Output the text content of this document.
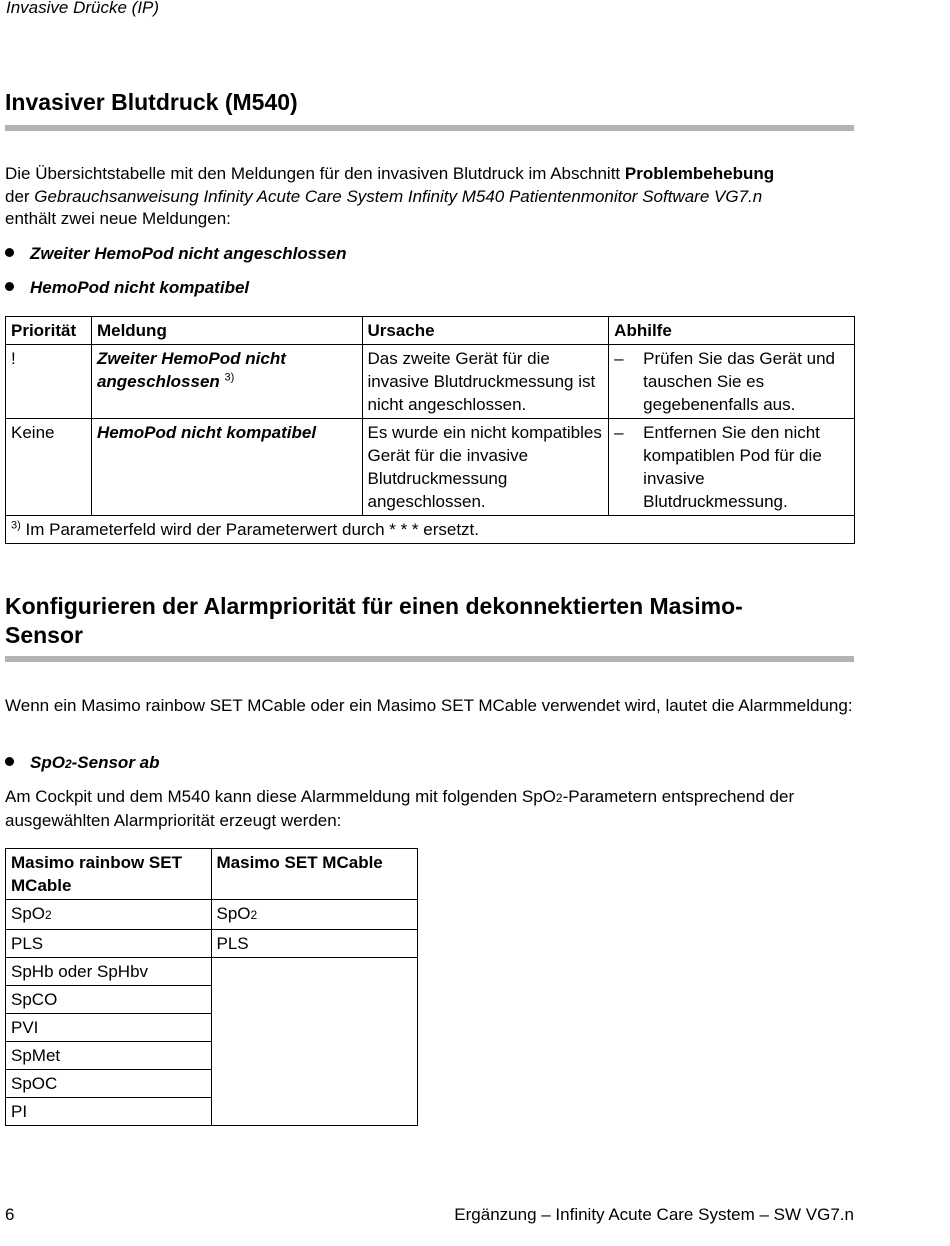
Invasive Drücke (IP)
Invasiver Blutdruck (M540)
Die Übersichtstabelle mit den Meldungen für den invasiven Blutdruck im Abschnitt Problembehebung
der Gebrauchsanweisung Infinity Acute Care System Infinity M540 Patientenmonitor Software VG7.n
enthält zwei neue Meldungen:
Zweiter HemoPod nicht angeschlossen
HemoPod nicht kompatibel
Priorität	Meldung	Ursache	Abhilfe
!	Zweiter HemoPod nicht angeschlossen $^{3)}$	Das zweite Gerät für die invasive Blutdruckmessung ist nicht angeschlossen.	– Prüfen Sie das Gerät und tauschen Sie es gegebenenfalls aus.

Keine	HemoPod nicht kompatibel	Es wurde ein nicht kompatibles Gerät für die invasive Blutdruckmessung angeschlossen.	– Entfernen Sie den nicht kompatiblen Pod für die invasive Blutdruckmessung.

$^{3)}$ Im Parameterfeld wird der Parameterwert durch * * * ersetzt.			
Konfigurieren der Alarmpriorität für einen dekonnektierten Masimo-
Sensor
Wenn ein Masimo rainbow SET MCable oder ein Masimo SET MCable verwendet wird, lautet die Alarmmeldung:
SpO2-Sensor ab
Am Cockpit und dem M540 kann diese Alarmmeldung mit folgenden SpO2-Parametern entsprechend der ausgewählten Alarmpriorität erzeugt werden:
Masimo rainbow SET MCable	Masimo SET MCable
SpO2	SpO2
PLS	PLS
SpHb oder SpHbv	
SpCO	
PVI	
SpMet	
SpOC	
PI	
6	Ergänzung – Infinity Acute Care System – SW VG7.n
